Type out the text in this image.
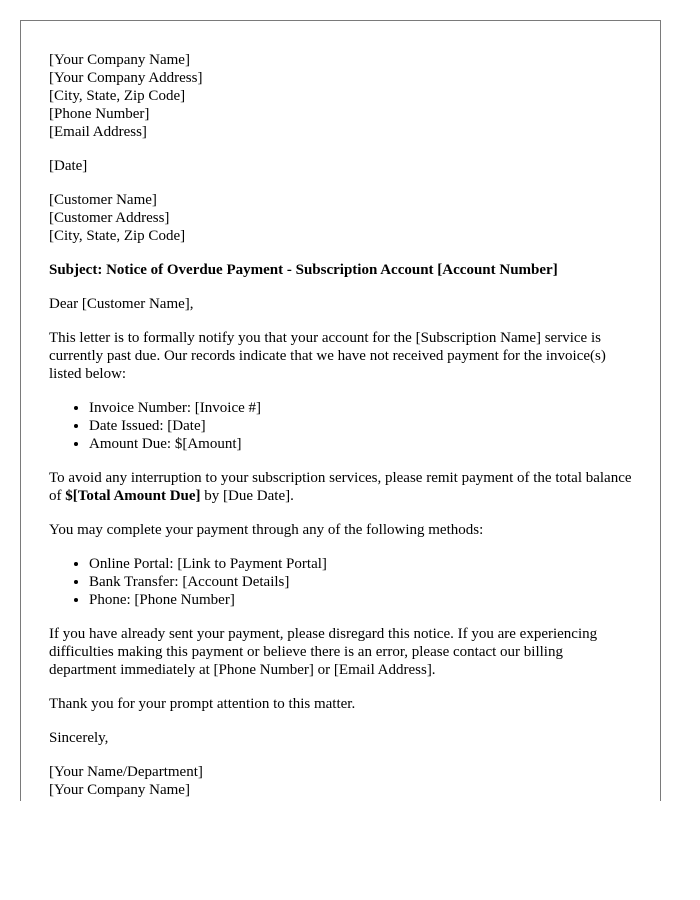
[Your Company Name]
[Your Company Address]
[City, State, Zip Code]
[Phone Number]
[Email Address]

[Date]

[Customer Name]
[Customer Address]
[City, State, Zip Code]

Subject: Notice of Overdue Payment - Subscription Account [Account Number]

Dear [Customer Name],

This letter is to formally notify you that your account for the [Subscription Name] service is currently past due. Our records indicate that we have not received payment for the invoice(s) listed below:

• Invoice Number: [Invoice #]
• Date Issued: [Date]
• Amount Due: $[Amount]

To avoid any interruption to your subscription services, please remit payment of the total balance of $[Total Amount Due] by [Due Date].

You may complete your payment through any of the following methods:

• Online Portal: [Link to Payment Portal]
• Bank Transfer: [Account Details]
• Phone: [Phone Number]

If you have already sent your payment, please disregard this notice. If you are experiencing difficulties making this payment or believe there is an error, please contact our billing department immediately at [Phone Number] or [Email Address].

Thank you for your prompt attention to this matter.

Sincerely,

[Your Name/Department]
[Your Company Name]
